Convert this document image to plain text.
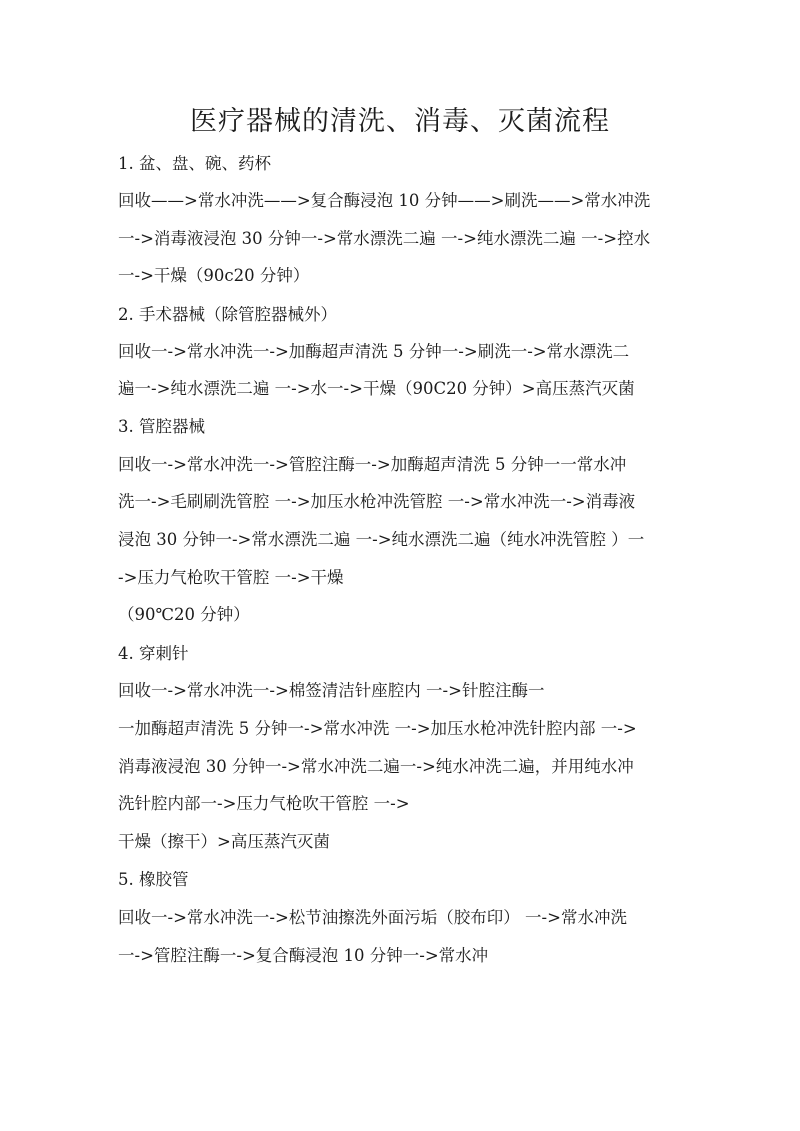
医疗器械的清洗、消毒、灭菌流程
1. 盆、盘、碗、药杯
回收——>常水冲洗——>复合酶浸泡 10 分钟——>刷洗——>常水冲洗
一->消毒液浸泡 30 分钟一->常水漂洗二遍 一->纯水漂洗二遍 一->控水
一->干燥（90c20 分钟）
2. 手术器械（除管腔器械外）
回收一->常水冲洗一->加酶超声清洗 5 分钟一->刷洗一->常水漂洗二
遍一->纯水漂洗二遍 一->水一->干燥（90C20 分钟）>高压蒸汽灭菌
3. 管腔器械
回收一->常水冲洗一->管腔注酶一->加酶超声清洗 5 分钟一一常水冲
洗一->毛刷刷洗管腔 一->加压水枪冲洗管腔 一->常水冲洗一->消毒液
浸泡 30 分钟一->常水漂洗二遍 一->纯水漂洗二遍（纯水冲洗管腔 ）一
->压力气枪吹干管腔 一->干燥
（90℃20 分钟）
4. 穿刺针
回收一->常水冲洗一->棉签清洁针座腔内 一->针腔注酶一
一加酶超声清洗 5 分钟一->常水冲洗 一->加压水枪冲洗针腔内部 一->
消毒液浸泡 30 分钟一->常水冲洗二遍一->纯水冲洗二遍，并用纯水冲
洗针腔内部一->压力气枪吹干管腔 一->
干燥（擦干）>高压蒸汽灭菌
5. 橡胶管
回收一->常水冲洗一->松节油擦洗外面污垢（胶布印） 一->常水冲洗
一->管腔注酶一->复合酶浸泡 10 分钟一->常水冲
